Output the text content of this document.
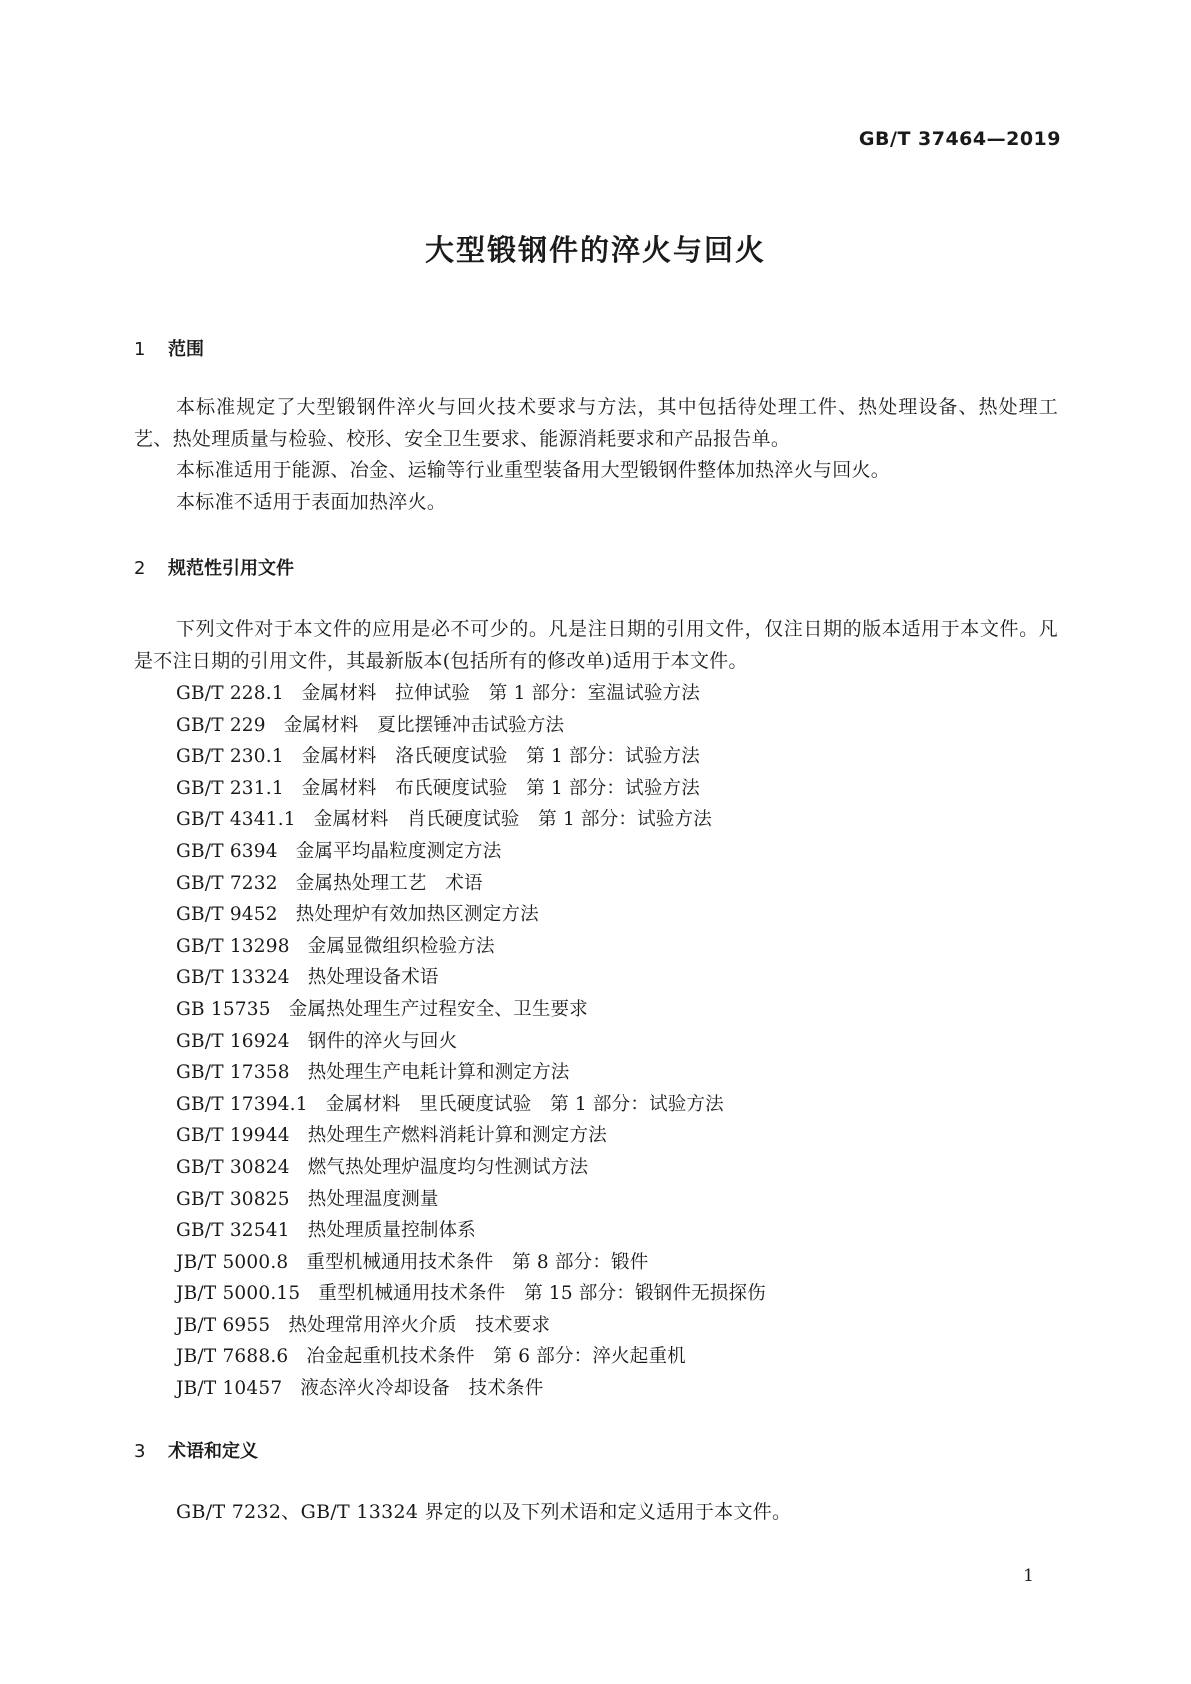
GB/T 37464—2019
大型锻钢件的淬火与回火
1 范围

本标准规定了大型锻钢件淬火与回火技术要求与方法，其中包括待处理工件、热处理设备、热处理工艺、热处理质量与检验、校形、安全卫生要求、能源消耗要求和产品报告单。

本标准适用于能源、冶金、运输等行业重型装备用大型锻钢件整体加热淬火与回火。

本标准不适用于表面加热淬火。

2 规范性引用文件

下列文件对于本文件的应用是必不可少的。凡是注日期的引用文件，仅注日期的版本适用于本文件。凡是不注日期的引用文件，其最新版本(包括所有的修改单)适用于本文件。

GB/T 228.1 金属材料　拉伸试验　第 1 部分：室温试验方法
GB/T 229 金属材料　夏比摆锤冲击试验方法
GB/T 230.1 金属材料　洛氏硬度试验　第 1 部分：试验方法
GB/T 231.1 金属材料　布氏硬度试验　第 1 部分：试验方法
GB/T 4341.1 金属材料　肖氏硬度试验　第 1 部分：试验方法
GB/T 6394 金属平均晶粒度测定方法
GB/T 7232 金属热处理工艺　术语
GB/T 9452 热处理炉有效加热区测定方法
GB/T 13298 金属显微组织检验方法
GB/T 13324 热处理设备术语
GB 15735 金属热处理生产过程安全、卫生要求
GB/T 16924 钢件的淬火与回火
GB/T 17358 热处理生产电耗计算和测定方法
GB/T 17394.1 金属材料　里氏硬度试验　第 1 部分：试验方法
GB/T 19944 热处理生产燃料消耗计算和测定方法
GB/T 30824 燃气热处理炉温度均匀性测试方法
GB/T 30825 热处理温度测量
GB/T 32541 热处理质量控制体系
JB/T 5000.8 重型机械通用技术条件　第 8 部分：锻件
JB/T 5000.15 重型机械通用技术条件　第 15 部分：锻钢件无损探伤
JB/T 6955 热处理常用淬火介质　技术要求
JB/T 7688.6 冶金起重机技术条件　第 6 部分：淬火起重机
JB/T 10457 液态淬火冷却设备　技术条件
3 术语和定义

GB/T 7232、GB/T 13324 界定的以及下列术语和定义适用于本文件。

1
